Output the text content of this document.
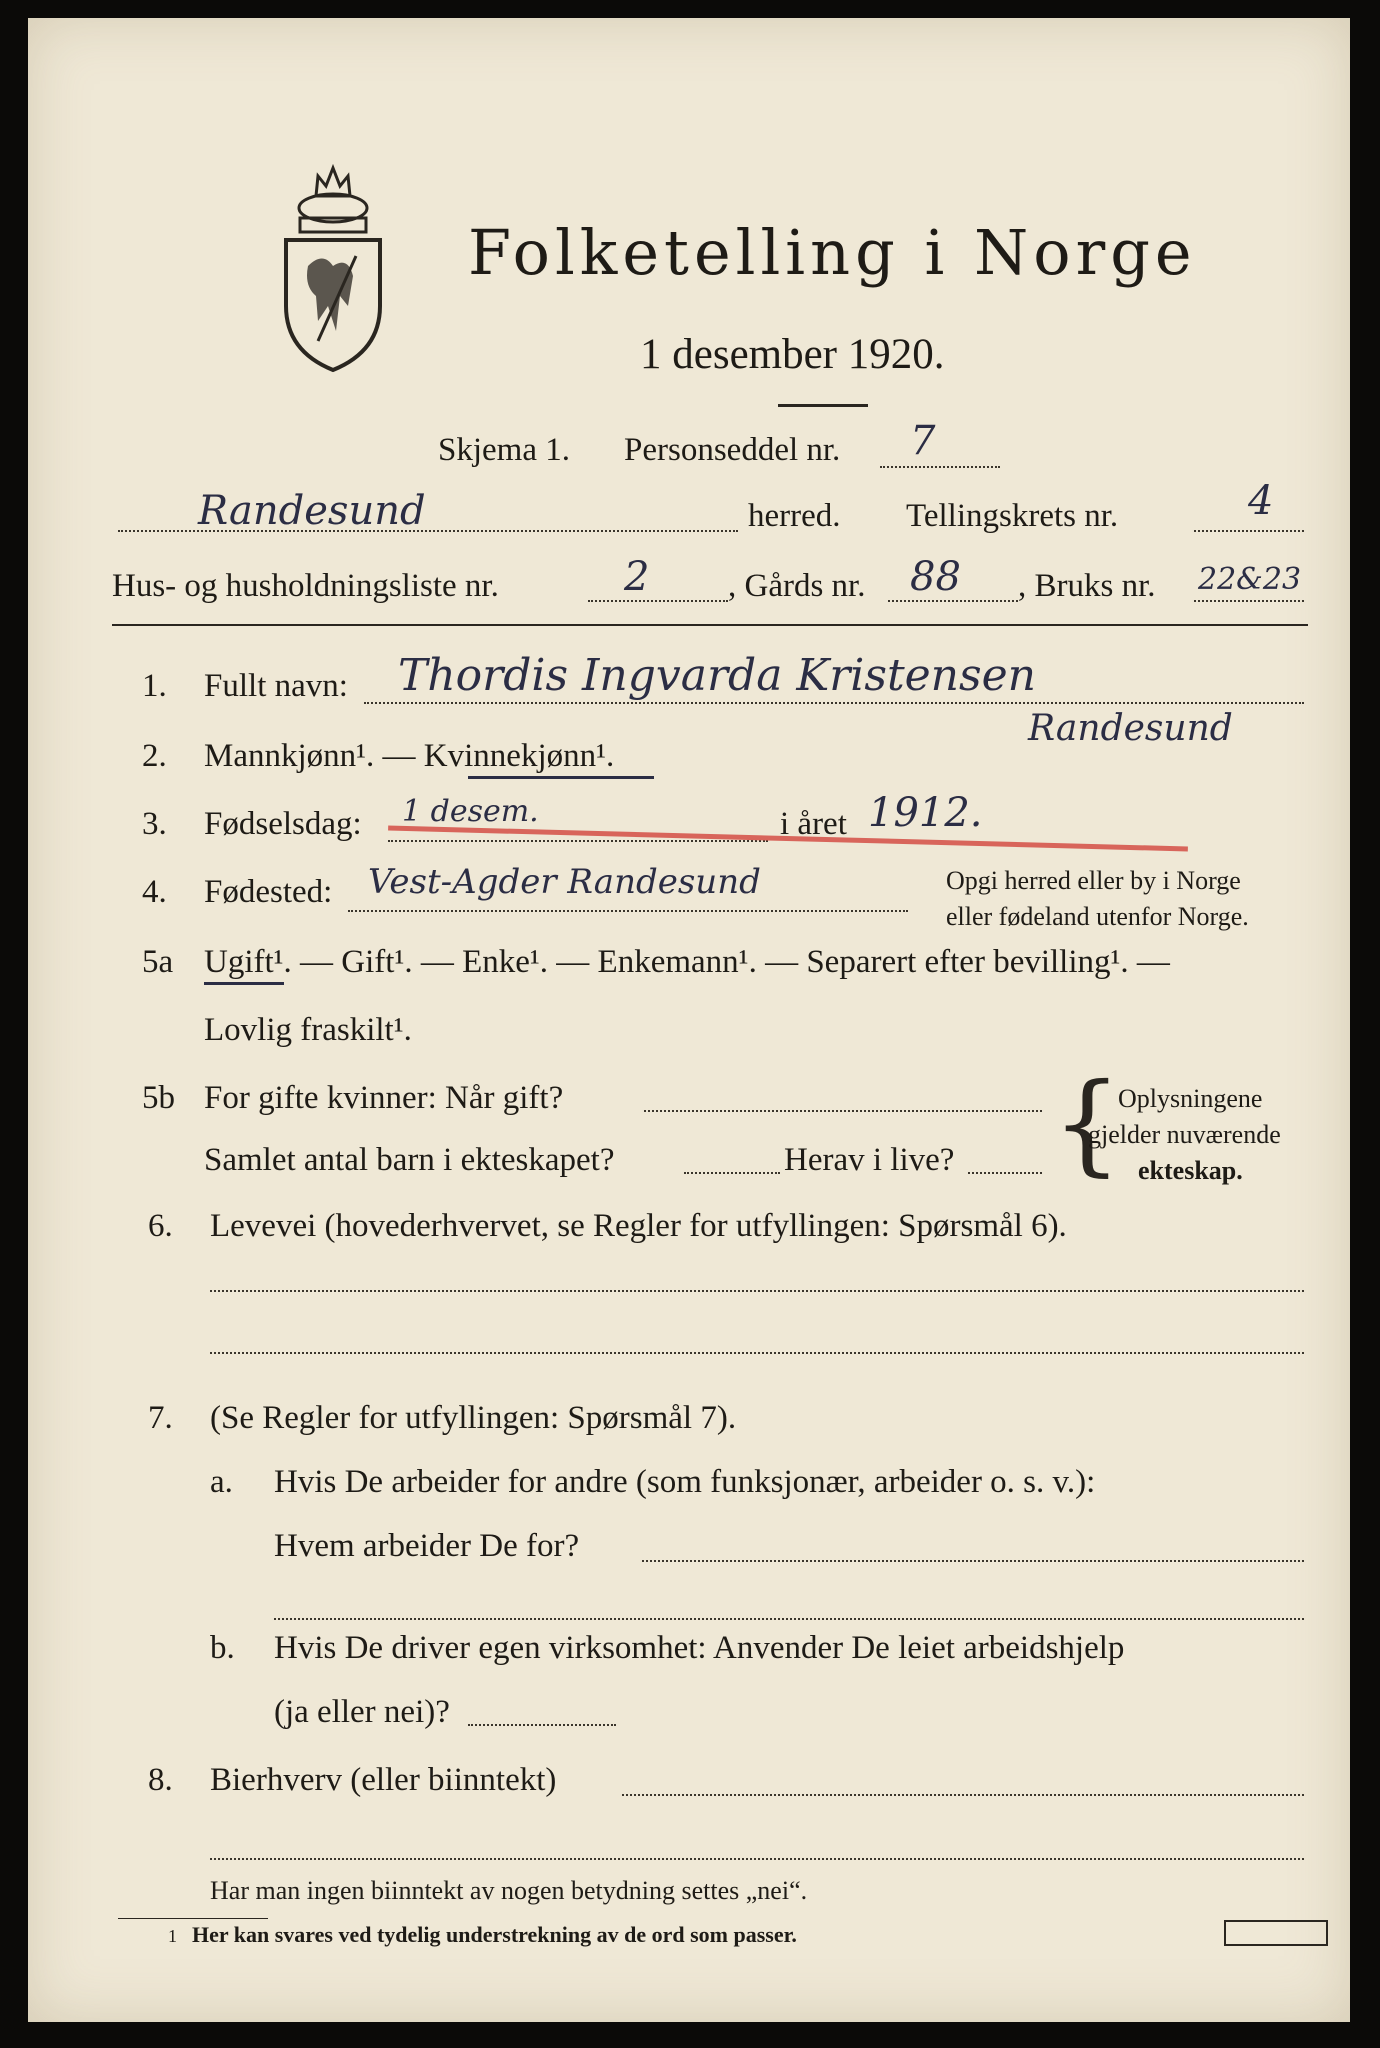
Folketelling i Norge
1 desember 1920.
Skjema 1. Personseddel nr. 7
Randesund	herred. Tellingskrets nr.	4
Hus- og husholdningsliste nr.	2 , Gårds nr. 88 , Bruks nr. 22&23
1. Fullt navn: Thordis Ingvarda Kristensen
Randesund
2. Mannkjønn¹. — Kvinnekjønn¹.
3. Fødselsdag: 1 desem.	i året 1912.
4. Fødested: Vest-Agder Randesund	Opgi herred eller by i Norge
eller fødeland utenfor Norge.
5a Ugift¹. — Gift¹. — Enke¹. — Enkemann¹. — Separert efter bevilling¹. —
Lovlig fraskilt¹.
5b For gifte kvinner: Når gift?
Samlet antal barn i ekteskapet?	Herav i live? {
Oplysningene
gjelder nuværende
ekteskap.
6. Levevei (hovederhvervet, se Regler for utfyllingen: Spørsmål 6).
7. (Se Regler for utfyllingen: Spørsmål 7).
a. Hvis De arbeider for andre (som funksjonær, arbeider o. s. v.):
Hvem arbeider De for?
b. Hvis De driver egen virksomhet: Anvender De leiet arbeidshjelp
(ja eller nei)?
8. Bierhverv (eller biinntekt)
Har man ingen biinntekt av nogen betydning settes „nei“.
1 Her kan svares ved tydelig understrekning av de ord som passer.
